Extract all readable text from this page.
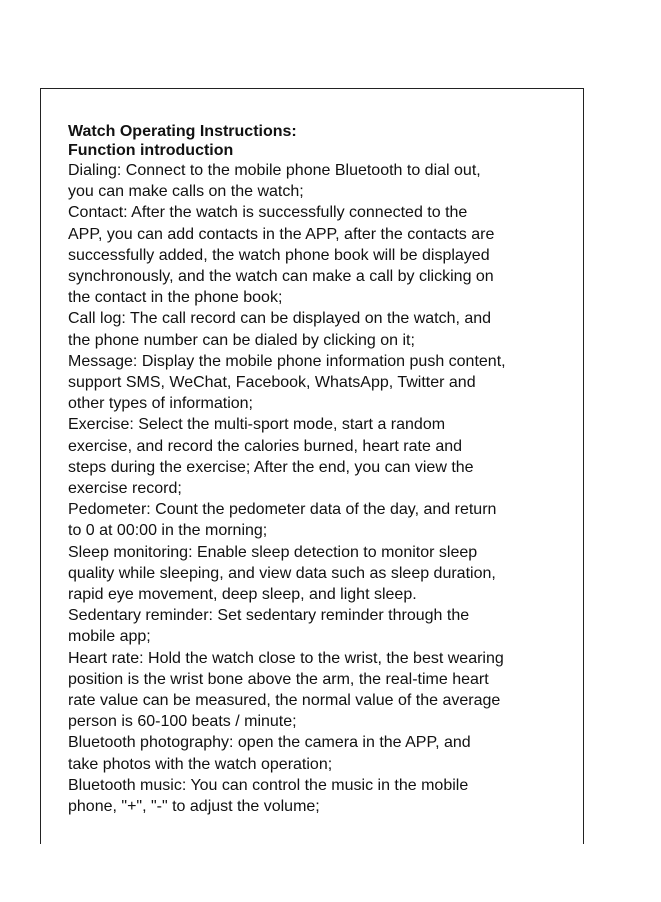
Watch Operating Instructions:

Function introduction

Dialing: Connect to the mobile phone Bluetooth to dial out,

you can make calls on the watch;

Contact: After the watch is successfully connected to the

APP, you can add contacts in the APP, after the contacts are

successfully added, the watch phone book will be displayed

synchronously, and the watch can make a call by clicking on

the contact in the phone book;

Call log: The call record can be displayed on the watch, and

the phone number can be dialed by clicking on it;

Message: Display the mobile phone information push content,

support SMS, WeChat, Facebook, WhatsApp, Twitter and

other types of information;

Exercise: Select the multi-sport mode, start a random

exercise, and record the calories burned, heart rate and

steps during the exercise; After the end, you can view the

exercise record;

Pedometer: Count the pedometer data of the day, and return

to 0 at 00:00 in the morning;

Sleep monitoring: Enable sleep detection to monitor sleep

quality while sleeping, and view data such as sleep duration,

rapid eye movement, deep sleep, and light sleep.

Sedentary reminder: Set sedentary reminder through the

mobile app;

Heart rate: Hold the watch close to the wrist, the best wearing

position is the wrist bone above the arm, the real-time heart

rate value can be measured, the normal value of the average

person is 60-100 beats / minute;

Bluetooth photography: open the camera in the APP, and

take photos with the watch operation;

Bluetooth music: You can control the music in the mobile

phone, "+", "-" to adjust the volume;
